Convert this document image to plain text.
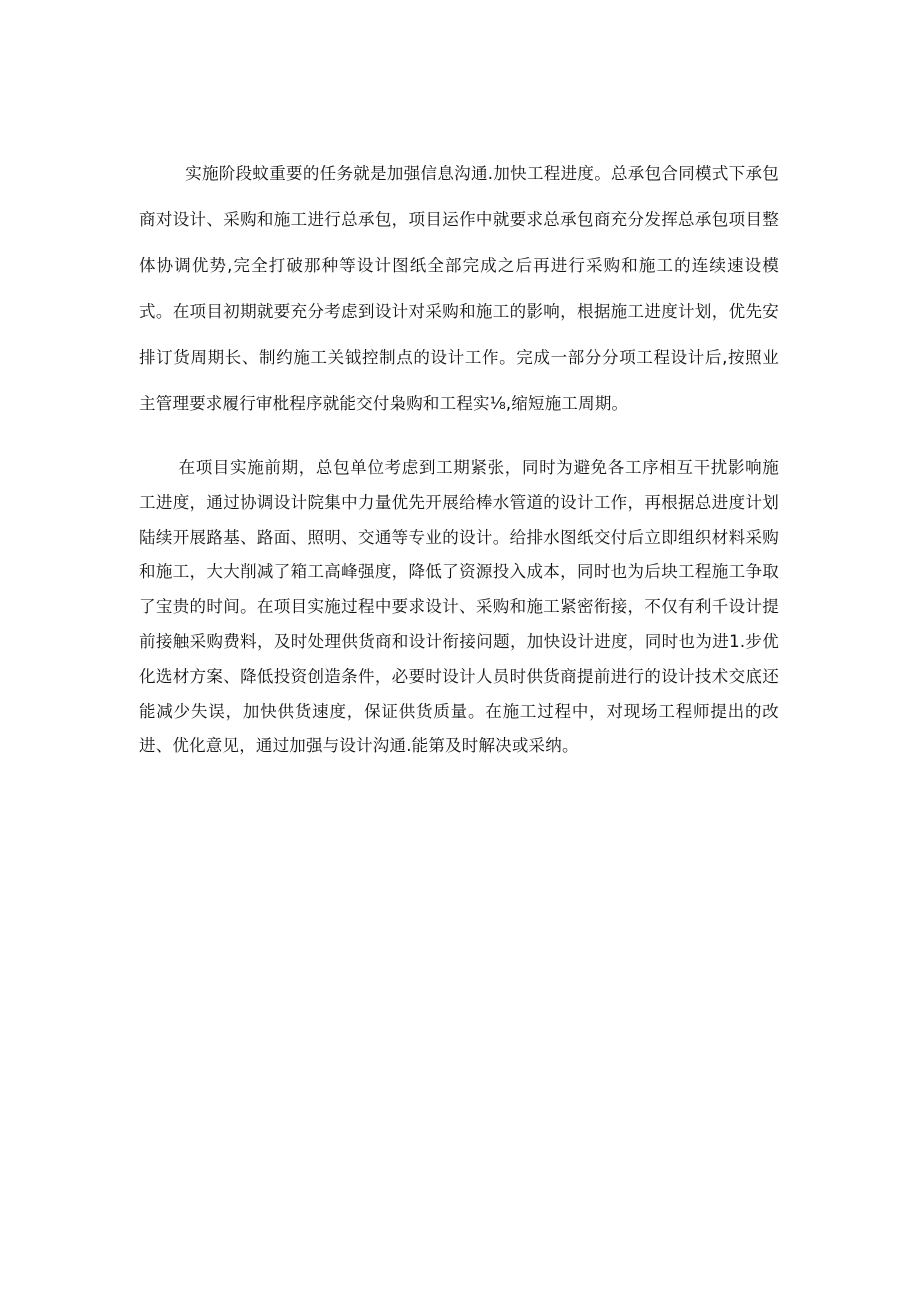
实施阶段蚊重要的任务就是加强信息沟通.加快工程进度。总承包合同模式下承包商对设计、采购和施工进行总承包，项目运作中就要求总承包商充分发挥总承包项目整体协调优势,完全打破那种等设计图纸全部完成之后再进行采购和施工的连续速设模式。在项目初期就要充分考虑到设计对采购和施工的影响，根据施工进度计划，优先安排订货周期长、制约施工关钺控制点的设计工作。完成一部分分项工程设计后,按照业主管理要求履行审枇程序就能交付枭购和工程实⅛,缩短施工周期。

在项目实施前期，总包单位考虑到工期紧张，同时为避免各工序相互干扰影响施工进度，通过协调设计院集中力量优先开展给棒水管道的设计工作，再根据总进度计划陆续开展路基、路面、照明、交通等专业的设计。给排水图纸交付后立即组织材料采购和施工，大大削减了箱工高峰强度，降低了资源投入成本，同时也为后块工程施工争取了宝贵的时间。在项目实施过程中要求设计、采购和施工紧密衔接，不仅有利千设计提前接触采购费料，及时处理供货商和设计衔接问题，加快设计进度，同时也为进1.步优化选材方案、降低投资创造条件，必要时设计人员时供货商提前进行的设计技术交底还能减少失误，加快供货速度，保证供货质量。在施工过程中，对现场工程师提出的改进、优化意见，通过加强与设计沟通.能第及时解决或采纳。
